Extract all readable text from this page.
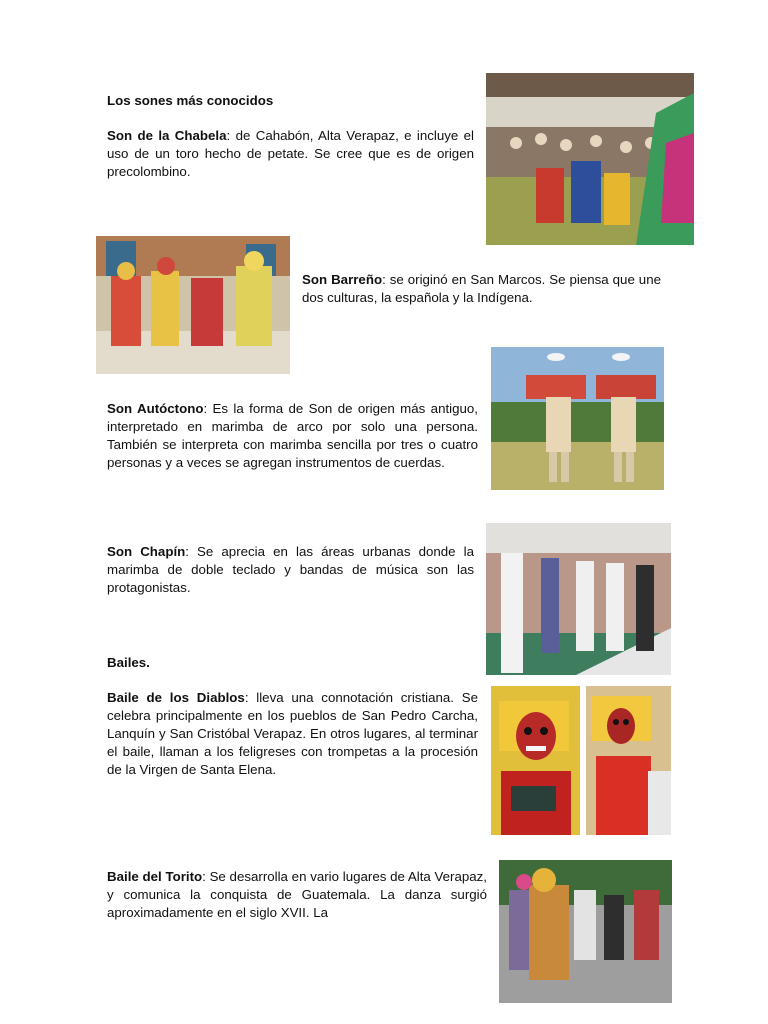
Los sones más conocidos

Son de la Chabela: de Cahabón, Alta Verapaz, e incluye el uso de un toro hecho de petate. Se cree que es de origen precolombino.

Son Barreño: se originó en San Marcos. Se piensa que une dos culturas, la española y la Indígena.

Son Autóctono: Es la forma de Son de origen más antiguo, interpretado en marimba de arco por solo una persona. También se interpreta con marimba sencilla por tres o cuatro personas y a veces se agregan instrumentos de cuerdas.

Son Chapín: Se aprecia en las áreas urbanas donde la marimba de doble teclado y bandas de música son las protagonistas.

Bailes.

Baile de los Diablos: lleva una connotación cristiana. Se celebra principalmente en los pueblos de San Pedro Carcha, Lanquín y San Cristóbal Verapaz. En otros lugares, al terminar el baile, llaman a los feligreses con trompetas a la procesión de la Virgen de Santa Elena.

Baile del Torito: Se desarrolla en vario lugares de Alta Verapaz, y comunica la conquista de Guatemala. La danza surgió aproximadamente en el siglo XVII. La
